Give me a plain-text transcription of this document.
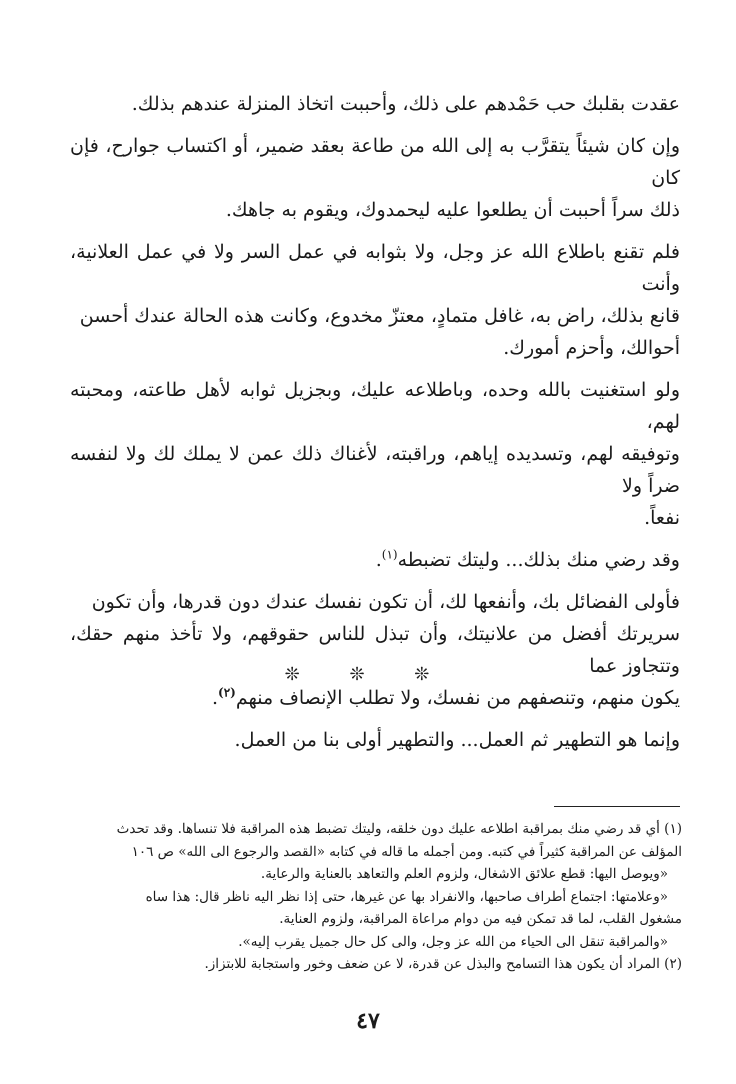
عقدت بقلبك حب حَمْدهم على ذلك، وأحببت اتخاذ المنزلة عندهم بذلك.

وإن كان شيئاً يتقرَّب به إلى الله من طاعة بعقد ضمير، أو اكتساب جوارح، فإن كان
ذلك سراً أحببت أن يطلعوا عليه ليحمدوك، ويقوم به جاهك.

فلم تقنع باطلاع الله عز وجل، ولا بثوابه في عمل السر ولا في عمل العلانية، وأنت
قانع بذلك، راض به، غافل متمادٍ، معتزّ مخدوع، وكانت هذه الحالة عندك أحسن
أحوالك، وأحزم أمورك.

ولو استغنيت بالله وحده، وباطلاعه عليك، وبجزيل ثوابه لأهل طاعته، ومحبته لهم،
وتوفيقه لهم، وتسديده إياهم، وراقبته، لأغناك ذلك عمن لا يملك لك ولا لنفسه ضراً ولا
نفعاً.

وقد رضي منك بذلك... وليتك تضبطه$^{(١)}$.

فأولى الفضائل بك، وأنفعها لك، أن تكون نفسك عندك دون قدرها، وأن تكون
سريرتك أفضل من علانيتك، وأن تبذل للناس حقوقهم، ولا تأخذ منهم حقك، وتتجاوز عما
يكون منهم، وتنصفهم من نفسك، ولا تطلب الإنصاف منهم$^{(٢)}$.

وإنما هو التطهير ثم العمل... والتطهير أولى بنا من العمل.

❊ ❊ ❊
(١) أي قد رضي منك بمراقبة اطلاعه عليك دون خلقه، وليتك تضبط هذه المراقبة فلا تنساها. وقد تحدث
المؤلف عن المراقبة كثيراً في كتبه. ومن أجمله ما قاله في كتابه «القصد والرجوع الى الله» ص ١٠٦
«ويوصل اليها: قطع علائق الاشغال، ولزوم العلم والتعاهد بالعناية والرعاية.
«وعلامتها: اجتماع أطراف صاحبها، والانفراد بها عن غيرها، حتى إذا نظر اليه ناظر قال: هذا ساه
مشغول القلب، لما قد تمكن فيه من دوام مراعاة المراقبة، ولزوم العناية.
«والمراقبة تنقل الى الحياء من الله عز وجل، والى كل حال جميل يقرب إليه».
(٢) المراد أن يكون هذا التسامح والبذل عن قدرة، لا عن ضعف وخور واستجابة للابتزاز.
٤٧
